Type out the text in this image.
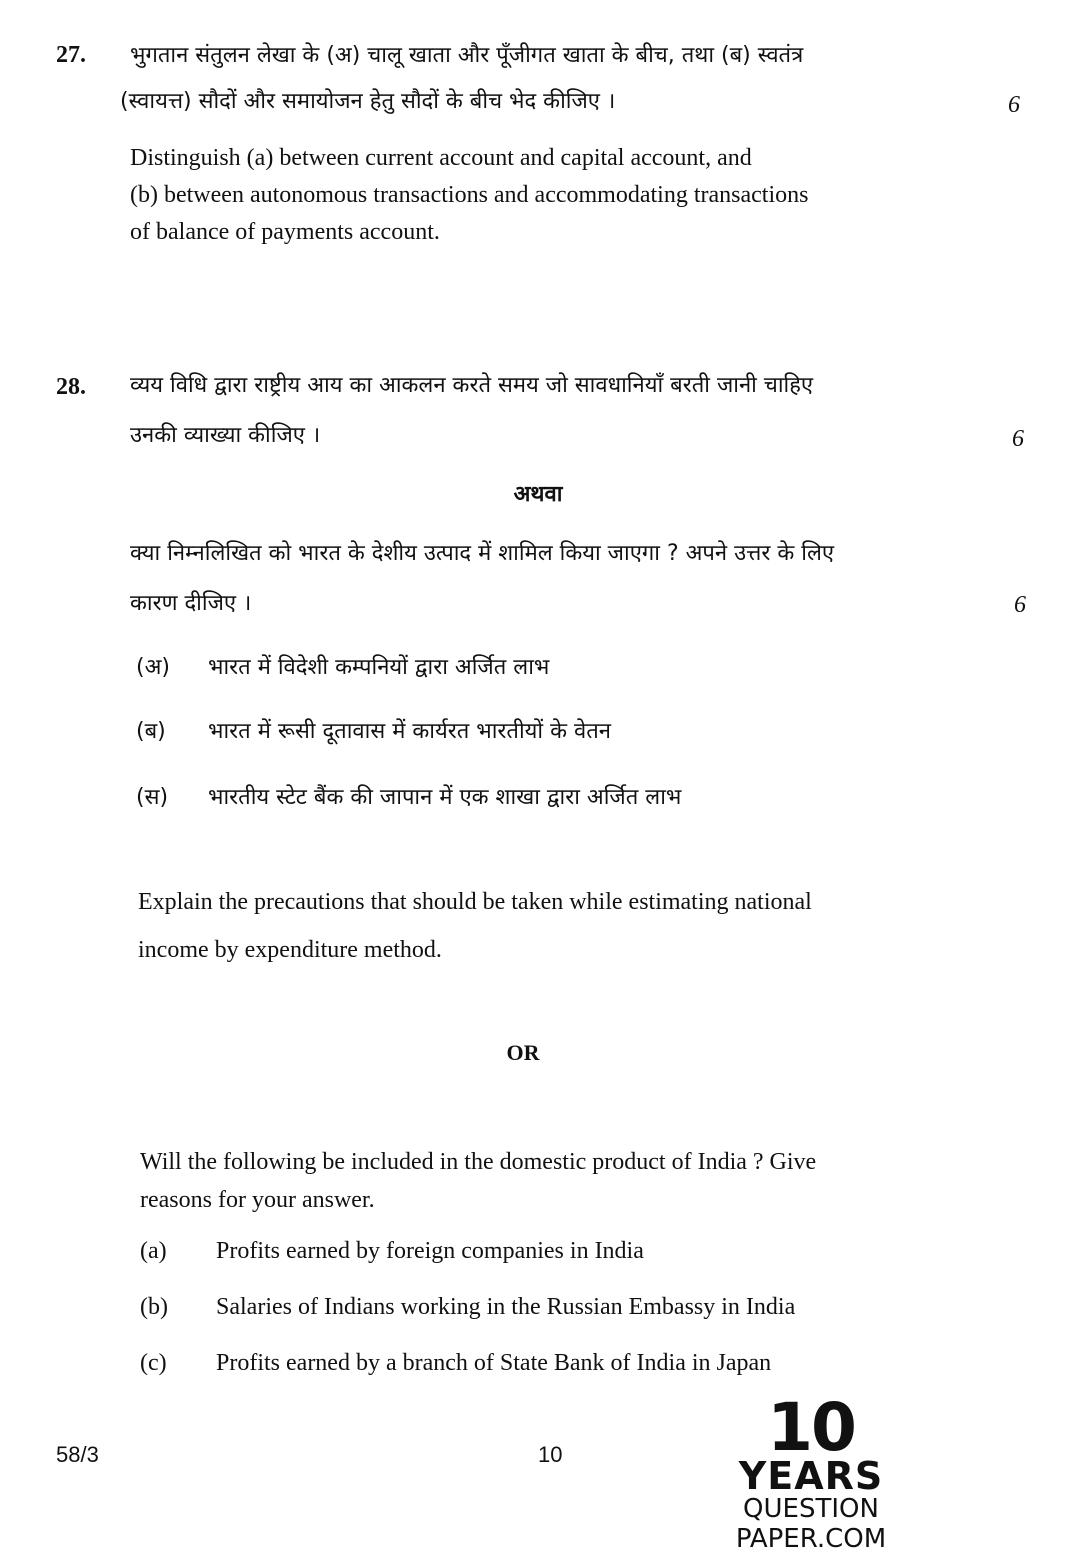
27. भुगतान संतुलन लेखा के (अ) चालू खाता और पूँजीगत खाता के बीच, तथा (ब) स्वतंत्र
(स्वायत्त) सौदों और समायोजन हेतु सौदों के बीच भेद कीजिए ।	6
Distinguish (a) between current account and capital account, and
(b) between autonomous transactions and accommodating transactions
of balance of payments account.
28. व्यय विधि द्वारा राष्ट्रीय आय का आकलन करते समय जो सावधानियाँ बरती जानी चाहिए
उनकी व्याख्या कीजिए ।	6
अथवा
क्या निम्नलिखित को भारत के देशीय उत्पाद में शामिल किया जाएगा ? अपने उत्तर के लिए
कारण दीजिए ।	6
(अ) भारत में विदेशी कम्पनियों द्वारा अर्जित लाभ
(ब) भारत में रूसी दूतावास में कार्यरत भारतीयों के वेतन
(स) भारतीय स्टेट बैंक की जापान में एक शाखा द्वारा अर्जित लाभ
Explain the precautions that should be taken while estimating national
income by expenditure method.
OR
Will the following be included in the domestic product of India ? Give
reasons for your answer.
(a) Profits earned by foreign companies in India
(b) Salaries of Indians working in the Russian Embassy in India
(c) Profits earned by a branch of State Bank of India in Japan
58/3	10	10
YEARS
QUESTION PAPER.COM
